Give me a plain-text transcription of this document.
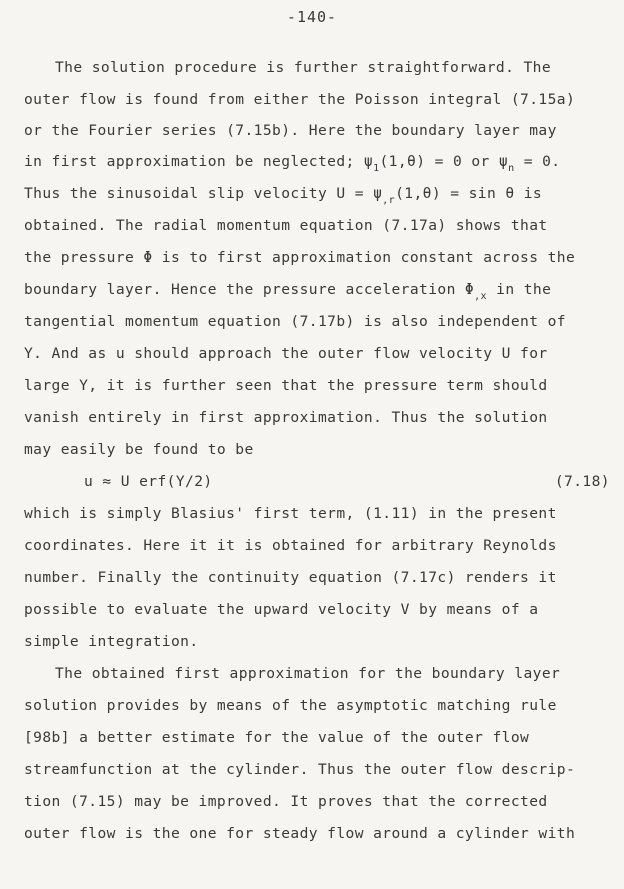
-140-
The solution procedure is further straightforward. The
outer flow is found from either the Poisson integral (7.15a)
or the Fourier series (7.15b). Here the boundary layer may
in first approximation be neglected; $\psi_1(1,\theta) = 0$ or $\psi_n = 0$.
Thus the sinusoidal slip velocity $U = \psi_{,r}(1,\theta) = \sin \theta$ is
obtained. The radial momentum equation (7.17a) shows that
the pressure Φ is to first approximation constant across the
boundary layer. Hence the pressure acceleration $\Phi_{,x}$ in the
tangential momentum equation (7.17b) is also independent of
Y. And as u should approach the outer flow velocity U for
large Y, it is further seen that the pressure term should
vanish entirely in first approximation. Thus the solution
may easily be found to be
u ≈ U erf(Y/2)	(7.18)
which is simply Blasius' first term, (1.11) in the present
coordinates. Here it it is obtained for arbitrary Reynolds
number. Finally the continuity equation (7.17c) renders it
possible to evaluate the upward velocity V by means of a
simple integration.
The obtained first approximation for the boundary layer
solution provides by means of the asymptotic matching rule
[98b] a better estimate for the value of the outer flow
streamfunction at the cylinder. Thus the outer flow descrip-
tion (7.15) may be improved. It proves that the corrected
outer flow is the one for steady flow around a cylinder with
